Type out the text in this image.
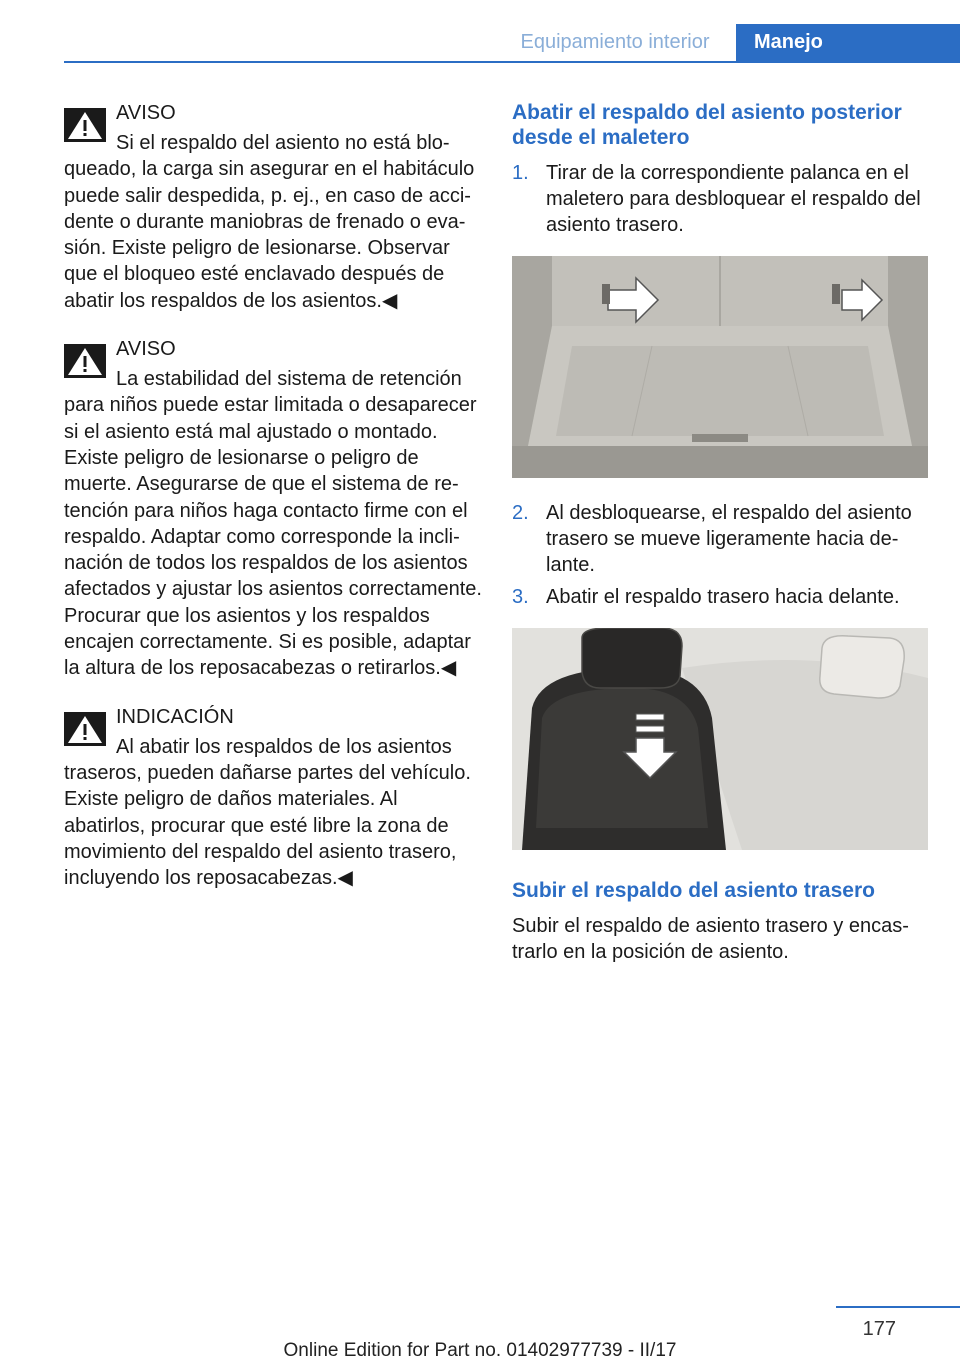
Equipamiento interior	Manejo
AVISO
Si el respaldo del asiento no está bloqueado, la carga sin asegurar en el habitáculo puede salir despedida, p. ej., en caso de accidente o durante maniobras de frenado o evasión. Existe peligro de lesionarse. Observar que el bloqueo esté enclavado después de abatir los respaldos de los asientos.◀
AVISO
La estabilidad del sistema de retención para niños puede estar limitada o desaparecer si el asiento está mal ajustado o montado. Existe peligro de lesionarse o peligro de muerte. Asegurarse de que el sistema de retención para niños haga contacto firme con el respaldo. Adaptar como corresponde la inclinación de todos los respaldos de los asientos afectados y ajustar los asientos correctamente. Procurar que los asientos y los respaldos encajen correctamente. Si es posible, adaptar la altura de los reposacabezas o retirarlos.◀
INDICACIÓN
Al abatir los respaldos de los asientos traseros, pueden dañarse partes del vehículo. Existe peligro de daños materiales. Al abatirlos, procurar que esté libre la zona de movimiento del respaldo del asiento trasero, incluyendo los reposacabezas.◀
Abatir el respaldo del asiento posterior desde el maletero
1. Tirar de la correspondiente palanca en el maletero para desbloquear el respaldo del asiento trasero.
2. Al desbloquearse, el respaldo del asiento trasero se mueve ligeramente hacia delante.
3. Abatir el respaldo trasero hacia delante.
Subir el respaldo del asiento trasero
Subir el respaldo de asiento trasero y encastrarlo en la posición de asiento.
177
Online Edition for Part no. 01402977739 - II/17
